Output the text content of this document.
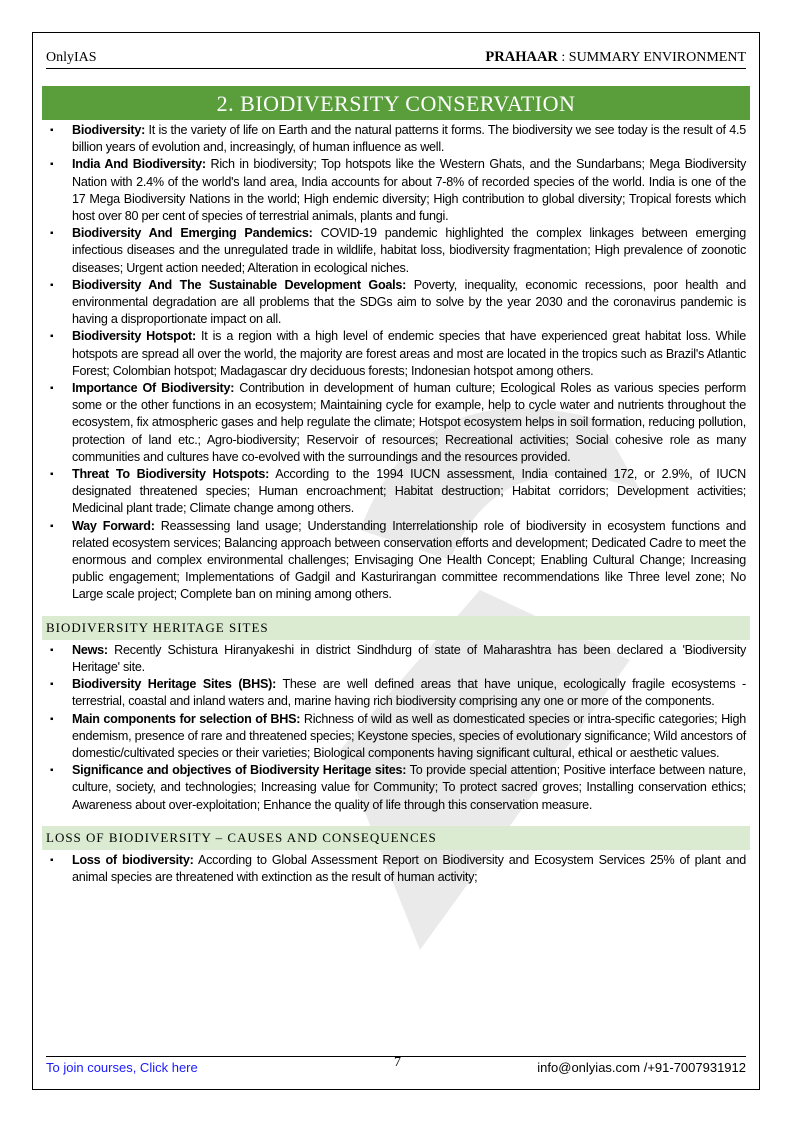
OnlyIAS	PRAHAAR : SUMMARY ENVIRONMENT
2. BIODIVERSITY CONSERVATION
▪ Biodiversity: It is the variety of life on Earth and the natural patterns it forms. The biodiversity we see today is the result of 4.5 billion years of evolution and, increasingly, of human influence as well.
▪ India And Biodiversity: Rich in biodiversity; Top hotspots like the Western Ghats, and the Sundarbans; Mega Biodiversity Nation with 2.4% of the world's land area, India accounts for about 7-8% of recorded species of the world. India is one of the 17 Mega Biodiversity Nations in the world; High endemic diversity; High contribution to global diversity; Tropical forests which host over 80 per cent of species of terrestrial animals, plants and fungi.
▪ Biodiversity And Emerging Pandemics: COVID-19 pandemic highlighted the complex linkages between emerging infectious diseases and the unregulated trade in wildlife, habitat loss, biodiversity fragmentation; High prevalence of zoonotic diseases; Urgent action needed; Alteration in ecological niches.
▪ Biodiversity And The Sustainable Development Goals: Poverty, inequality, economic recessions, poor health and environmental degradation are all problems that the SDGs aim to solve by the year 2030 and the coronavirus pandemic is having a disproportionate impact on all.
▪ Biodiversity Hotspot: It is a region with a high level of endemic species that have experienced great habitat loss. While hotspots are spread all over the world, the majority are forest areas and most are located in the tropics such as Brazil's Atlantic Forest; Colombian hotspot; Madagascar dry deciduous forests; Indonesian hotspot among others.
▪ Importance Of Biodiversity: Contribution in development of human culture; Ecological Roles as various species perform some or the other functions in an ecosystem; Maintaining cycle for example, help to cycle water and nutrients throughout the ecosystem, fix atmospheric gases and help regulate the climate; Hotspot ecosystem helps in soil formation, reducing pollution, protection of land etc.; Agro-biodiversity; Reservoir of resources; Recreational activities; Social cohesive role as many communities and cultures have co-evolved with the surroundings and the resources provided.
▪ Threat To Biodiversity Hotspots: According to the 1994 IUCN assessment, India contained 172, or 2.9%, of IUCN designated threatened species; Human encroachment; Habitat destruction; Habitat corridors; Development activities; Medicinal plant trade; Climate change among others.
▪ Way Forward: Reassessing land usage; Understanding Interrelationship role of biodiversity in ecosystem functions and related ecosystem services; Balancing approach between conservation efforts and development; Dedicated Cadre to meet the enormous and complex environmental challenges; Envisaging One Health Concept; Enabling Cultural Change; Increasing public engagement; Implementations of Gadgil and Kasturirangan committee recommendations like Three level zone; No Large scale project; Complete ban on mining among others.
BIODIVERSITY HERITAGE SITES
▪ News: Recently Schistura Hiranyakeshi in district Sindhdurg of state of Maharashtra has been declared a 'Biodiversity Heritage' site.
▪ Biodiversity Heritage Sites (BHS): These are well defined areas that have unique, ecologically fragile ecosystems - terrestrial, coastal and inland waters and, marine having rich biodiversity comprising any one or more of the components.
▪ Main components for selection of BHS: Richness of wild as well as domesticated species or intra-specific categories; High endemism, presence of rare and threatened species; Keystone species, species of evolutionary significance; Wild ancestors of domestic/cultivated species or their varieties; Biological components having significant cultural, ethical or aesthetic values.
▪ Significance and objectives of Biodiversity Heritage sites: To provide special attention; Positive interface between nature, culture, society, and technologies; Increasing value for Community; To protect sacred groves; Installing conservation ethics; Awareness about over-exploitation; Enhance the quality of life through this conservation measure.
LOSS OF BIODIVERSITY – CAUSES AND CONSEQUENCES
▪ Loss of biodiversity: According to Global Assessment Report on Biodiversity and Ecosystem Services 25% of plant and animal species are threatened with extinction as the result of human activity;
To join courses, Click here	7	info@onlyias.com /+91-7007931912
